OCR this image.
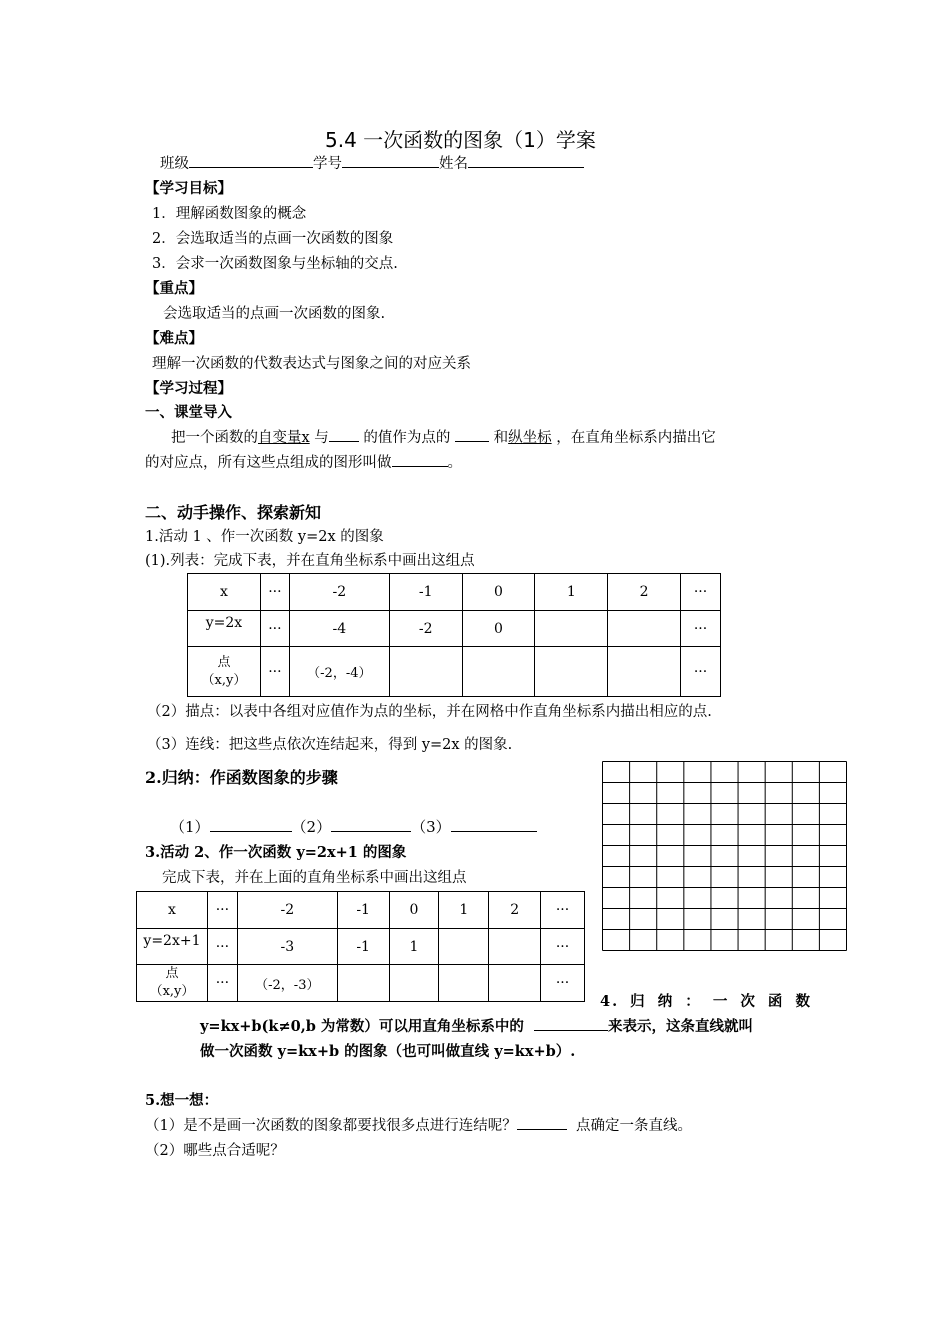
5.4 一次函数的图象（1）学案
班级	学号	姓名
【学习目标】
1．理解函数图象的概念
2．会选取适当的点画一次函数的图象
3．会求一次函数图象与坐标轴的交点.
【重点】
会选取适当的点画一次函数的图象.
【难点】
理解一次函数的代数表达式与图象之间的对应关系
【学习过程】
一、课堂导入
把一个函数的自变量x 与 的值作为点的	和纵坐标 ，在直角坐标系内描出它
的对应点，所有这些点组成的图形叫做	。
二、动手操作、探索新知
1.活动 1 、作一次函数 y=2x 的图象
(1).列表：完成下表，并在直角坐标系中画出这组点
x	···	-2	-1	0	1	2	···
y=2x	···	-4	-2	0			···
点
（x,y）	···	（-2，-4）					···
（2）描点：以表中各组对应值作为点的坐标，并在网格中作直角坐标系内描出相应的点.
（3）连线：把这些点依次连结起来，得到 y=2x 的图象.
2.归纳：作函数图象的步骤
（1）	（2）	（3）
3.活动 2、作一次函数 y=2x+1 的图象
完成下表，并在上面的直角坐标系中画出这组点
x	···	-2	-1	0	1	2	···
y=2x+1	···	-3	-1	1			···
点
（x,y）	···	（-2，-3）					···
4. 归 纳 ： 一 次 函 数
y=kx+b(k≠0,b 为常数）可以用直角坐标系中的	来表示，这条直线就叫
做一次函数 y=kx+b 的图象（也可叫做直线 y=kx+b）.
5.想一想：
（1）是不是画一次函数的图象都要找很多点进行连结呢？	点确定一条直线。
（2）哪些点合适呢？
